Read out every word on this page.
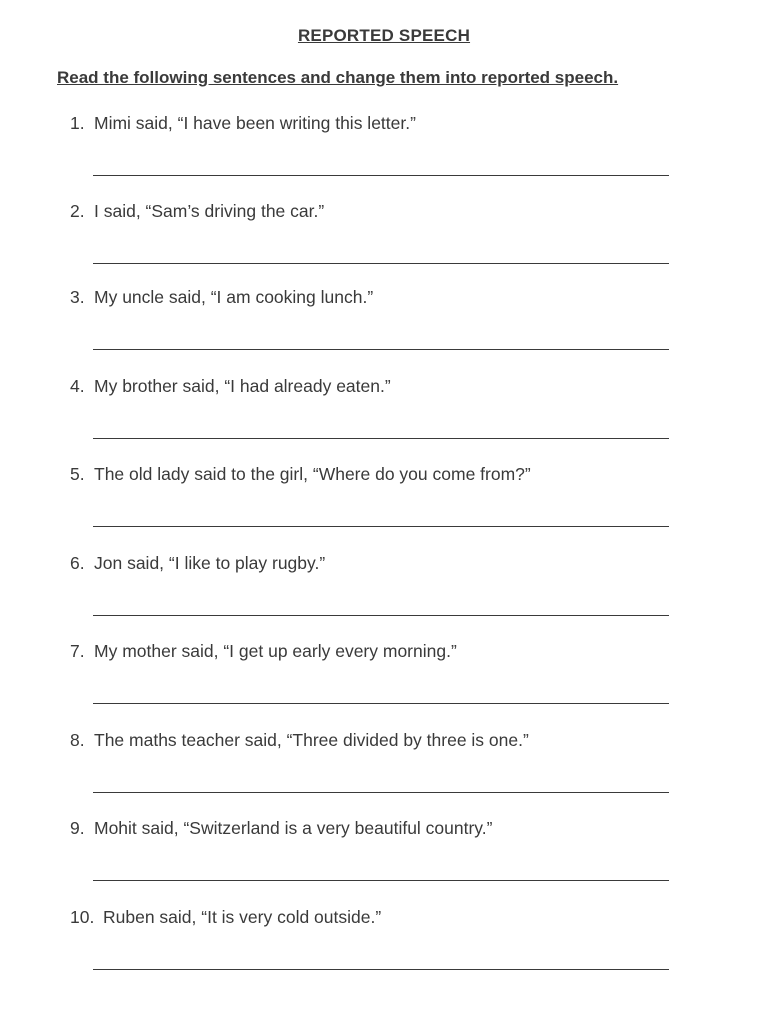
REPORTED SPEECH
Read the following sentences and change them into reported speech.
1. Mimi said, “I have been writing this letter.”
2. I said, “Sam’s driving the car.”
3. My uncle said, “I am cooking lunch.”
4. My brother said, “I had already eaten.”
5. The old lady said to the girl, “Where do you come from?”
6. Jon said, “I like to play rugby.”
7. My mother said, “I get up early every morning.”
8. The maths teacher said, “Three divided by three is one.”
9. Mohit said, “Switzerland is a very beautiful country.”
10. Ruben said, “It is very cold outside.”
